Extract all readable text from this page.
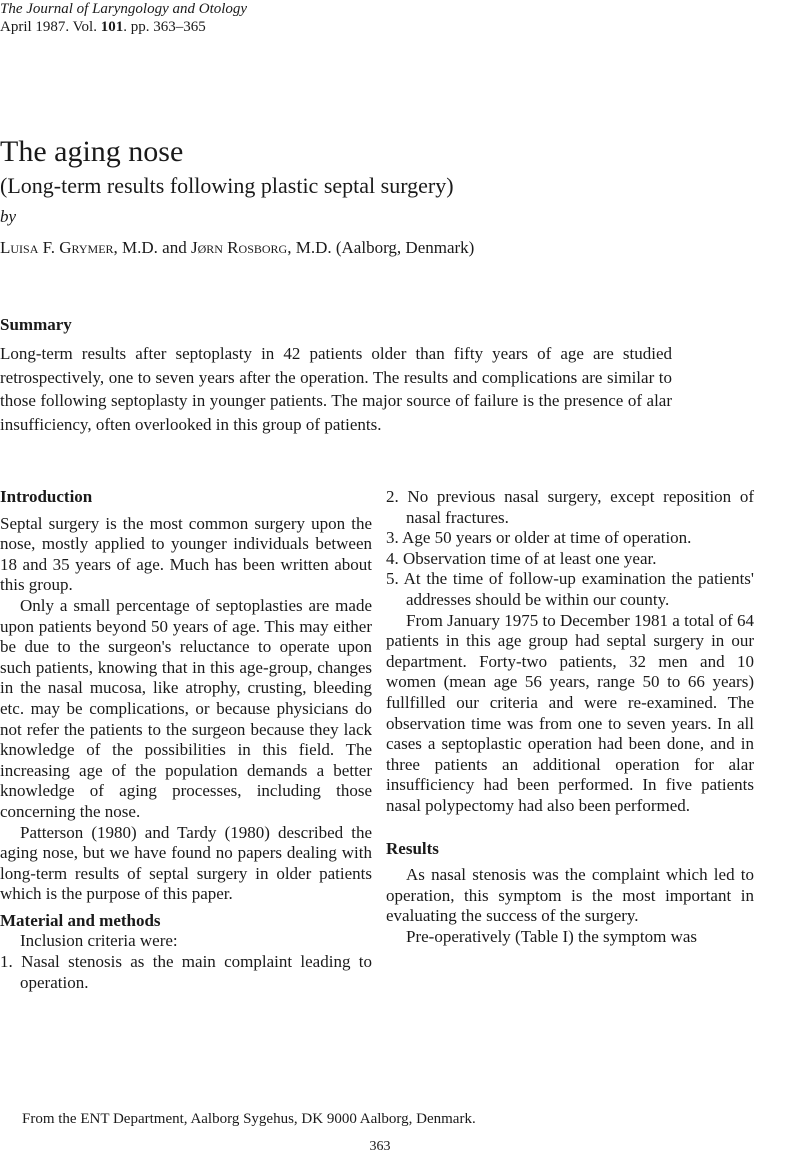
The Journal of Laryngology and Otology
April 1987. Vol. 101. pp. 363–365
The aging nose
(Long-term results following plastic septal surgery)
by
Luisa F. Grymer, M.D. and Jørn Rosborg, M.D. (Aalborg, Denmark)
Summary
Long-term results after septoplasty in 42 patients older than fifty years of age are studied retrospectively, one to seven years after the operation. The results and complications are similar to those following septoplasty in younger patients. The major source of failure is the presence of alar insufficiency, often overlooked in this group of patients.
Introduction

Septal surgery is the most common surgery upon the nose, mostly applied to younger individuals between 18 and 35 years of age. Much has been written about this group.

Only a small percentage of septoplasties are made upon patients beyond 50 years of age. This may either be due to the surgeon's reluctance to operate upon such patients, knowing that in this age-group, changes in the nasal mucosa, like atrophy, crusting, bleeding etc. may be complications, or because physicians do not refer the patients to the surgeon because they lack knowledge of the possibilities in this field. The increasing age of the population demands a better knowledge of aging processes, including those concerning the nose.

Patterson (1980) and Tardy (1980) described the aging nose, but we have found no papers dealing with long-term results of septal surgery in older patients which is the purpose of this paper.

Material and methods

Inclusion criteria were:

1. Nasal stenosis as the main complaint leading to operation.

2. No previous nasal surgery, except reposition of nasal fractures.

3. Age 50 years or older at time of operation.

4. Observation time of at least one year.

5. At the time of follow-up examination the patients' addresses should be within our county.

From January 1975 to December 1981 a total of 64 patients in this age group had septal surgery in our department. Forty-two patients, 32 men and 10 women (mean age 56 years, range 50 to 66 years) fullfilled our criteria and were re-examined. The observation time was from one to seven years. In all cases a septoplastic operation had been done, and in three patients an additional operation for alar insufficiency had been performed. In five patients nasal polypectomy had also been performed.

Results

As nasal stenosis was the complaint which led to operation, this symptom is the most important in evaluating the success of the surgery.

Pre-operatively (Table I) the symptom was

From the ENT Department, Aalborg Sygehus, DK 9000 Aalborg, Denmark.
363
